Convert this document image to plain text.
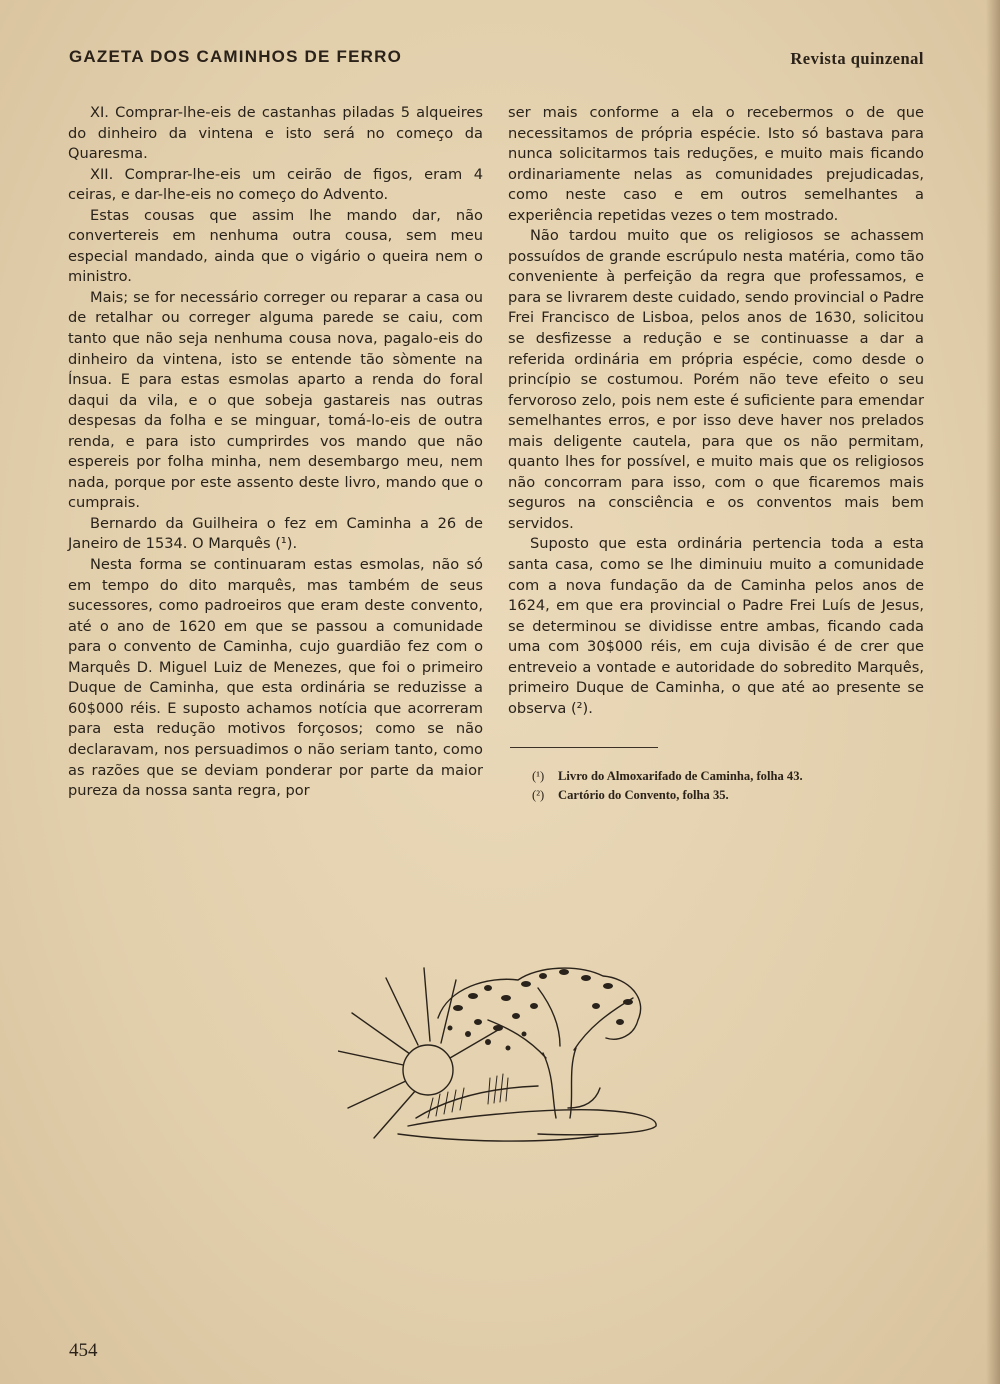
GAZETA DOS CAMINHOS DE FERRO	Revista quinzenal

XI. Comprar-lhe-eis de castanhas piladas 5 alqueires do dinheiro da vintena e isto será no começo da Quaresma.

XII. Comprar-lhe-eis um ceirão de figos, eram 4 ceiras, e dar-lhe-eis no começo do Advento.

Estas cousas que assim lhe mando dar, não convertereis em nenhuma outra cousa, sem meu especial mandado, ainda que o vigário o queira nem o ministro.

Mais; se for necessário correger ou reparar a casa ou de retalhar ou correger alguma parede se caiu, com tanto que não seja nenhuma cousa nova, pagalo-eis do dinheiro da vintena, isto se entende tão sòmente na Ínsua. E para estas esmolas aparto a renda do foral daqui da vila, e o que sobeja gastareis nas outras despesas da folha e se minguar, tomá-lo-eis de outra renda, e para isto cumprirdes vos mando que não espereis por folha minha, nem desembargo meu, nem nada, porque por este assento deste livro, mando que o cumprais.

Bernardo da Guilheira o fez em Caminha a 26 de Janeiro de 1534. O Marquês (¹).

Nesta forma se continuaram estas esmolas, não só em tempo do dito marquês, mas também de seus sucessores, como padroeiros que eram deste convento, até o ano de 1620 em que se passou a comunidade para o convento de Caminha, cujo guardião fez com o Marquês D. Miguel Luiz de Menezes, que foi o primeiro Duque de Caminha, que esta ordinária se reduzisse a 60$000 réis. E suposto achamos notícia que acorreram para esta redução motivos forçosos; como se não declaravam, nos persuadimos o não seriam tanto, como as razões que se deviam ponderar por parte da maior pureza da nossa santa regra, por

ser mais conforme a ela o recebermos o de que necessitamos de própria espécie. Isto só bastava para nunca solicitarmos tais reduções, e muito mais ficando ordinariamente nelas as comunidades prejudicadas, como neste caso e em outros semelhantes a experiência repetidas vezes o tem mostrado.

Não tardou muito que os religiosos se achassem possuídos de grande escrúpulo nesta matéria, como tão conveniente à perfeição da regra que professamos, e para se livrarem deste cuidado, sendo provincial o Padre Frei Francisco de Lisboa, pelos anos de 1630, solicitou se desfizesse a redução e se continuasse a dar a referida ordinária em própria espécie, como desde o princípio se costumou. Porém não teve efeito o seu fervoroso zelo, pois nem este é suficiente para emendar semelhantes erros, e por isso deve haver nos prelados mais deligente cautela, para que os não permitam, quanto lhes for possível, e muito mais que os religiosos não concorram para isso, com o que ficaremos mais seguros na consciência e os conventos mais bem servidos.

Suposto que esta ordinária pertencia toda a esta santa casa, como se lhe diminuiu muito a comunidade com a nova fundação da de Caminha pelos anos de 1624, em que era provincial o Padre Frei Luís de Jesus, se determinou se dividisse entre ambas, ficando cada uma com 30$000 réis, em cuja divisão é de crer que entreveio a vontade e autoridade do sobredito Marquês, primeiro Duque de Caminha, o que até ao presente se observa (²).

(¹) Livro do Almoxarifado de Caminha, folha 43.
(²) Cartório do Convento, folha 35.
454
